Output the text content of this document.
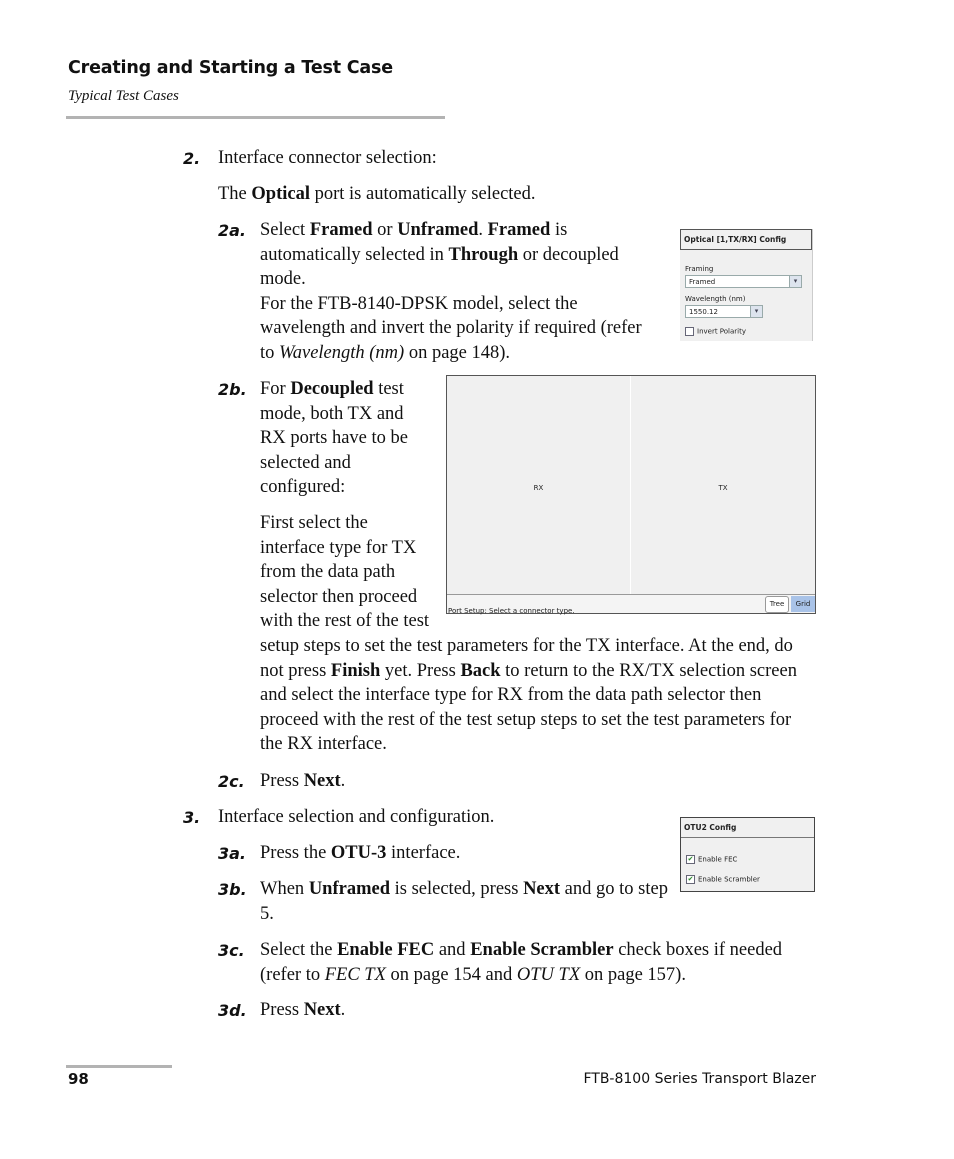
Creating and Starting a Test Case
Typical Test Cases
2. Interface connector selection:
The Optical port is automatically selected.
2a. Select Framed or Unframed. Framed is automatically selected in Through or decoupled mode.
For the FTB-8140-DPSK model, select the wavelength and invert the polarity if required (refer to Wavelength (nm) on page 148).
Optical [1,TX/RX] Config
Framing
Framed	▾
Wavelength (nm)
1550.12	▾
Invert Polarity
2b.
RX	TX
Port Setup: Select a connector type.
Tree	Grid
For Decoupled test mode, both TX and RX ports have to be selected and configured:
First select the interface type for TX from the data path selector then proceed with the rest of the test setup steps to set the test parameters for the TX interface. At the end, do not press Finish yet. Press Back to return to the RX/TX selection screen and select the interface type for RX from the data path selector then proceed with the rest of the test setup steps to set the test parameters for the RX interface.
2c. Press Next.
3. Interface selection and configuration.
OTU2 Config
✔ Enable FEC
✔ Enable Scrambler
3a. Press the OTU-3 interface.
3b. When Unframed is selected, press Next and go to step 5.
3c. Select the Enable FEC and Enable Scrambler check boxes if needed (refer to FEC TX on page 154 and OTU TX on page 157).
3d. Press Next.
98	FTB-8100 Series Transport Blazer
